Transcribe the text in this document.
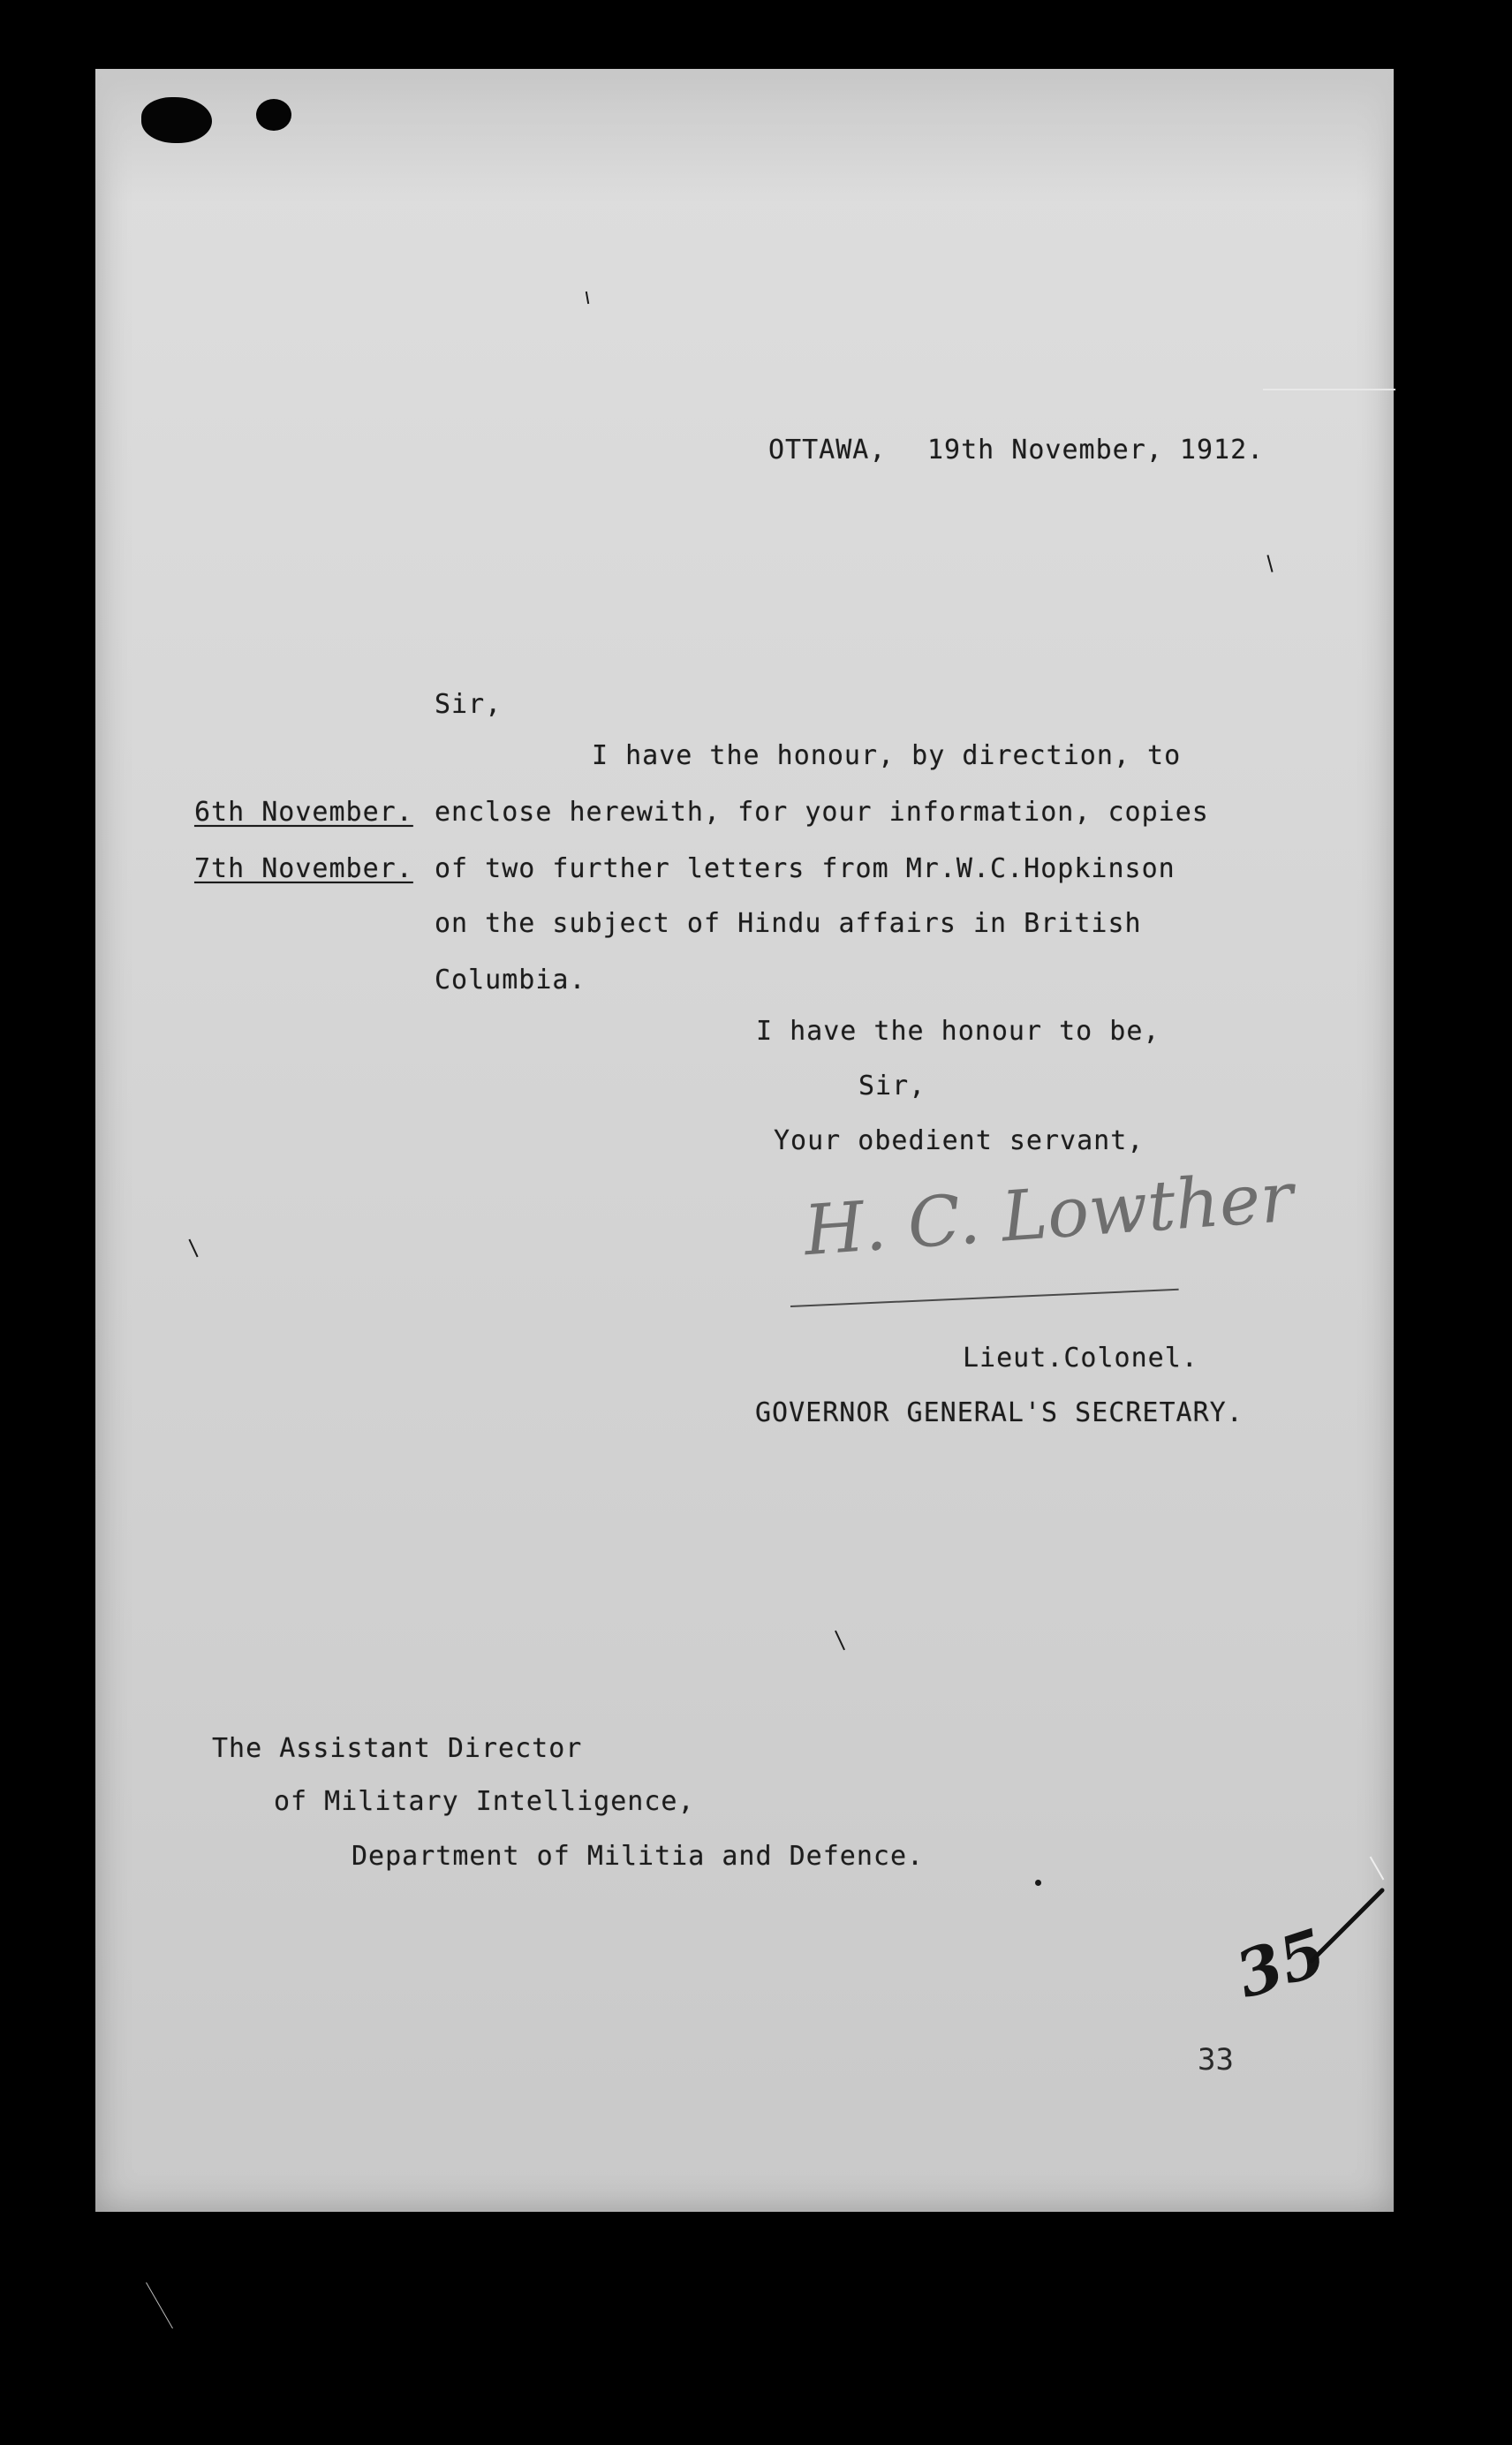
OTTAWA, 19th November, 1912.
Sir,
I have the honour, by direction, to
6th November. enclose herewith, for your information, copies
7th November. of two further letters from Mr.W.C.Hopkinson
on the subject of Hindu affairs in British
Columbia.
I have the honour to be,
Sir,
Your obedient servant,
H. C. Lowther
Lieut.Colonel.
GOVERNOR GENERAL'S SECRETARY.
The Assistant Director
of Military Intelligence,
Department of Militia and Defence.
35
33
